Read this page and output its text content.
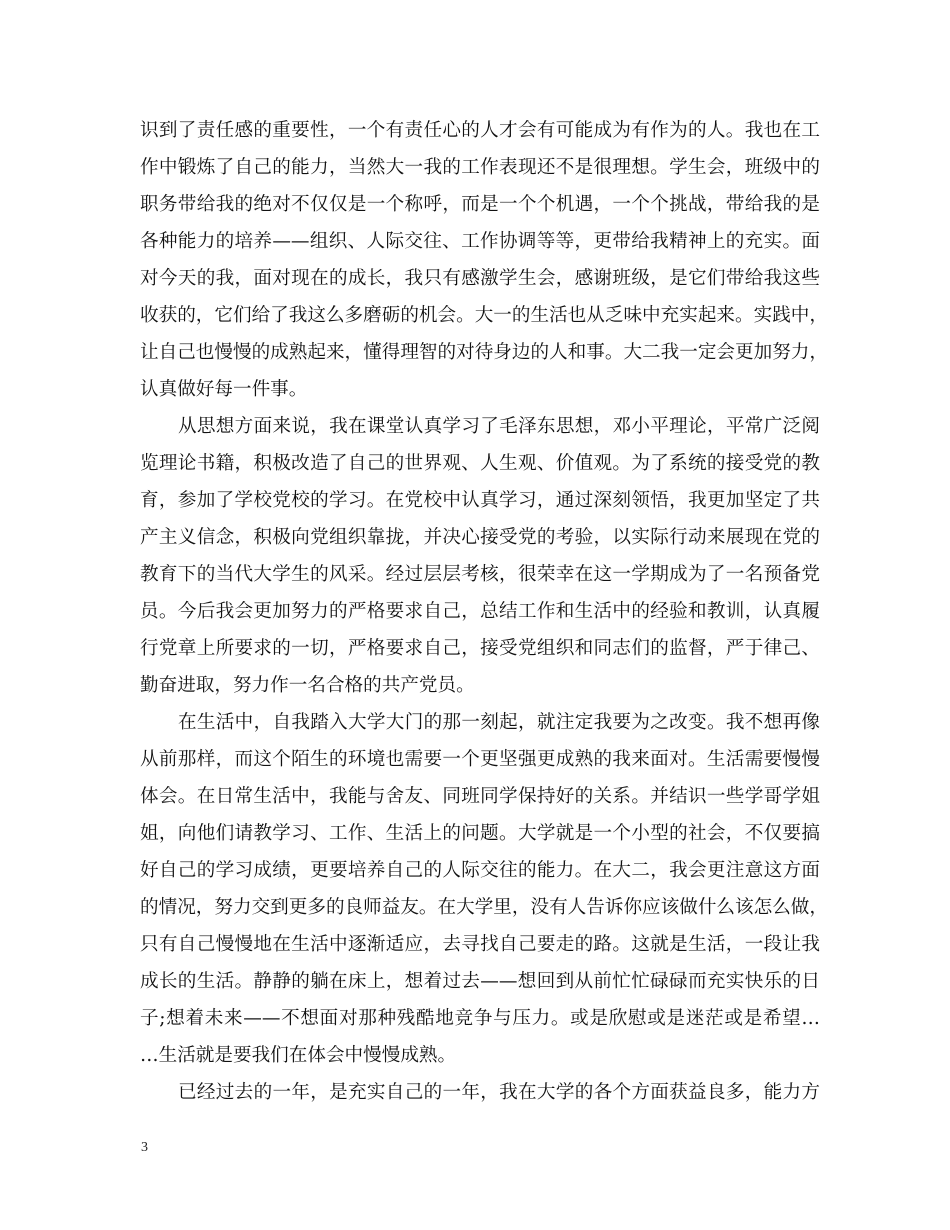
识到了责任感的重要性，一个有责任心的人才会有可能成为有作为的人。我也在工
作中锻炼了自己的能力，当然大一我的工作表现还不是很理想。学生会，班级中的
职务带给我的绝对不仅仅是一个称呼，而是一个个机遇，一个个挑战，带给我的是
各种能力的培养——组织、人际交往、工作协调等等，更带给我精神上的充实。面
对今天的我，面对现在的成长，我只有感激学生会，感谢班级，是它们带给我这些
收获的，它们给了我这么多磨砺的机会。大一的生活也从乏味中充实起来。实践中，
让自己也慢慢的成熟起来，懂得理智的对待身边的人和事。大二我一定会更加努力，
认真做好每一件事。
从思想方面来说，我在课堂认真学习了毛泽东思想，邓小平理论，平常广泛阅
览理论书籍，积极改造了自己的世界观、人生观、价值观。为了系统的接受党的教
育，参加了学校党校的学习。在党校中认真学习，通过深刻领悟，我更加坚定了共
产主义信念，积极向党组织靠拢，并决心接受党的考验，以实际行动来展现在党的
教育下的当代大学生的风采。经过层层考核，很荣幸在这一学期成为了一名预备党
员。今后我会更加努力的严格要求自己，总结工作和生活中的经验和教训，认真履
行党章上所要求的一切，严格要求自己，接受党组织和同志们的监督，严于律己、
勤奋进取，努力作一名合格的共产党员。
在生活中，自我踏入大学大门的那一刻起，就注定我要为之改变。我不想再像
从前那样，而这个陌生的环境也需要一个更坚强更成熟的我来面对。生活需要慢慢
体会。在日常生活中，我能与舍友、同班同学保持好的关系。并结识一些学哥学姐
姐，向他们请教学习、工作、生活上的问题。大学就是一个小型的社会，不仅要搞
好自己的学习成绩，更要培养自己的人际交往的能力。在大二，我会更注意这方面
的情况，努力交到更多的良师益友。在大学里，没有人告诉你应该做什么该怎么做，
只有自己慢慢地在生活中逐渐适应，去寻找自己要走的路。这就是生活，一段让我
成长的生活。静静的躺在床上，想着过去——想回到从前忙忙碌碌而充实快乐的日
子;想着未来——不想面对那种残酷地竞争与压力。或是欣慰或是迷茫或是希望…
…生活就是要我们在体会中慢慢成熟。
已经过去的一年，是充实自己的一年，我在大学的各个方面获益良多，能力方
3
